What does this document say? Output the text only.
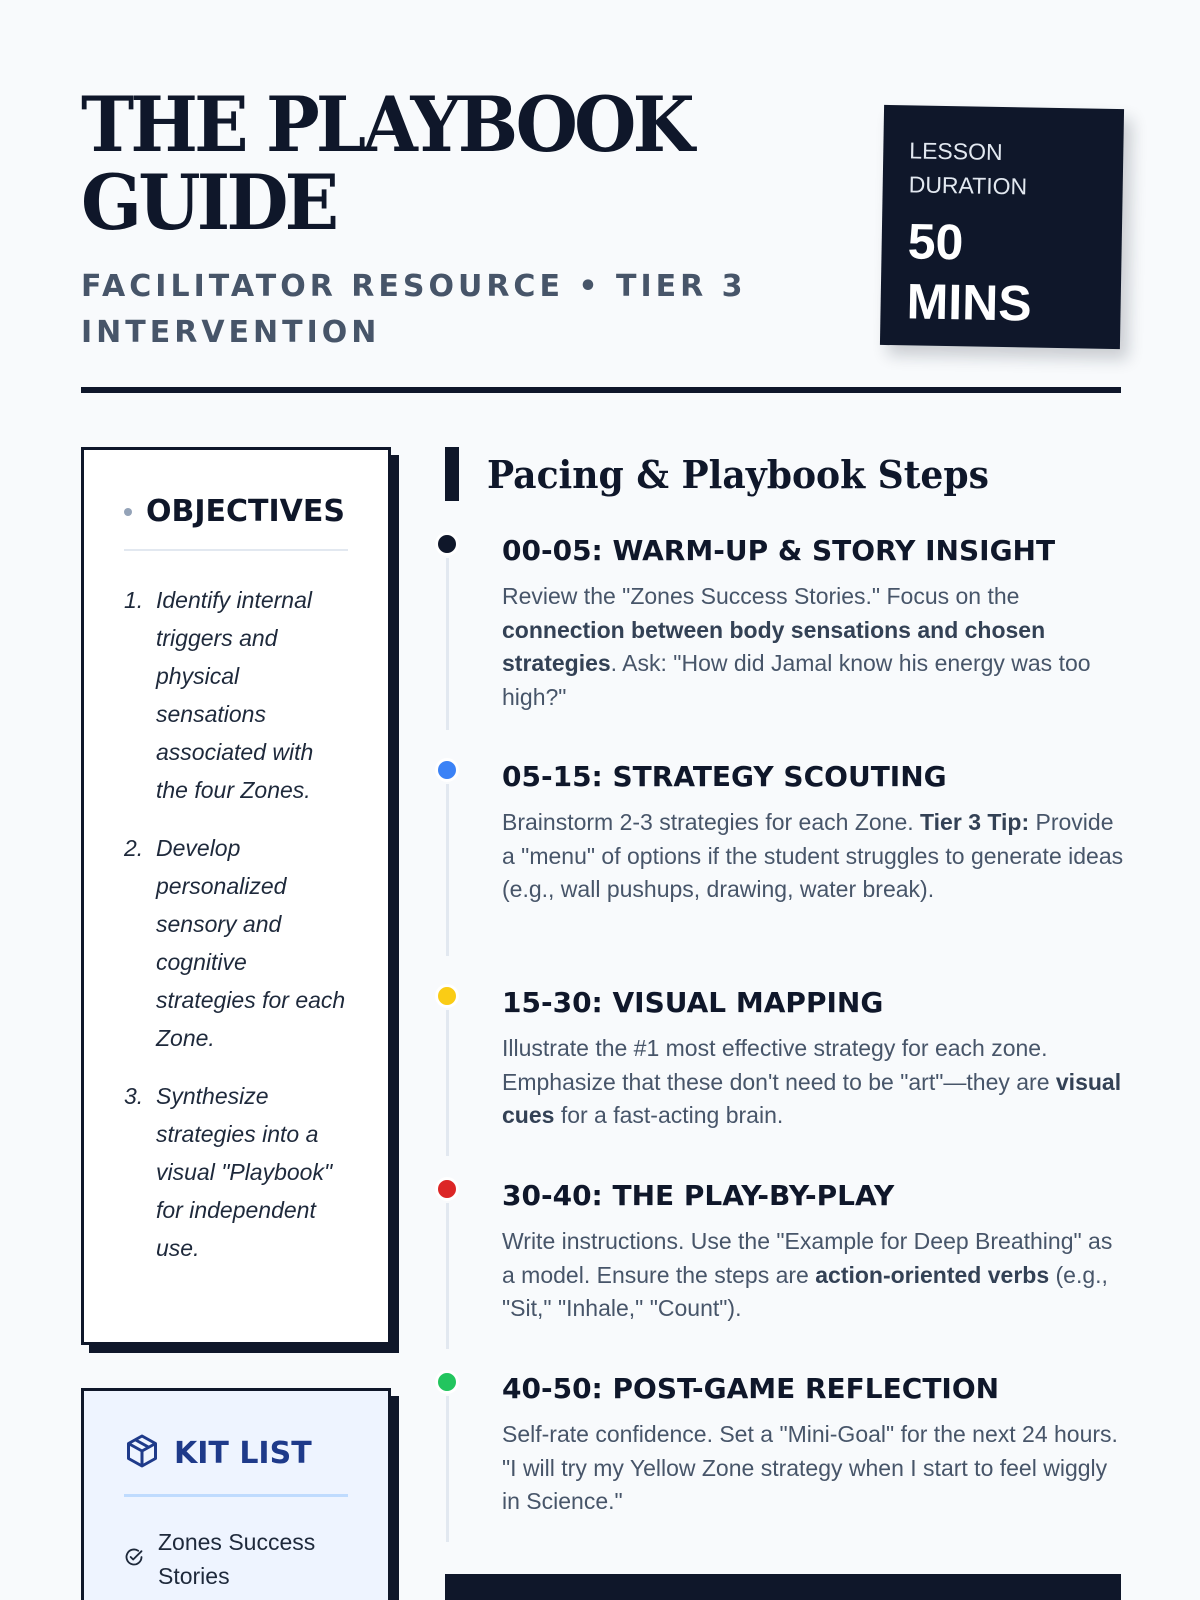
THE PLAYBOOK
GUIDE
FACILITATOR RESOURCE • TIER 3
INTERVENTION
LESSON
DURATION
50
MINS
OBJECTIVES
1. Identify internal triggers and physical sensations associated with the four Zones.
2. Develop personalized sensory and cognitive strategies for each Zone.
3. Synthesize strategies into a visual "Playbook" for independent use.
KIT LIST
Zones Success Stories
Pacing & Playbook Steps
00-05: WARM-UP & STORY INSIGHT
Review the "Zones Success Stories." Focus on the connection between body sensations and chosen strategies. Ask: "How did Jamal know his energy was too high?"
05-15: STRATEGY SCOUTING
Brainstorm 2-3 strategies for each Zone. Tier 3 Tip: Provide a "menu" of options if the student struggles to generate ideas (e.g., wall pushups, drawing, water break).
15-30: VISUAL MAPPING
Illustrate the #1 most effective strategy for each zone. Emphasize that these don't need to be "art"—they are visual cues for a fast-acting brain.
30-40: THE PLAY-BY-PLAY
Write instructions. Use the "Example for Deep Breathing" as a model. Ensure the steps are action-oriented verbs (e.g., "Sit," "Inhale," "Count").
40-50: POST-GAME REFLECTION
Self-rate confidence. Set a "Mini-Goal" for the next 24 hours. "I will try my Yellow Zone strategy when I start to feel wiggly in Science."
